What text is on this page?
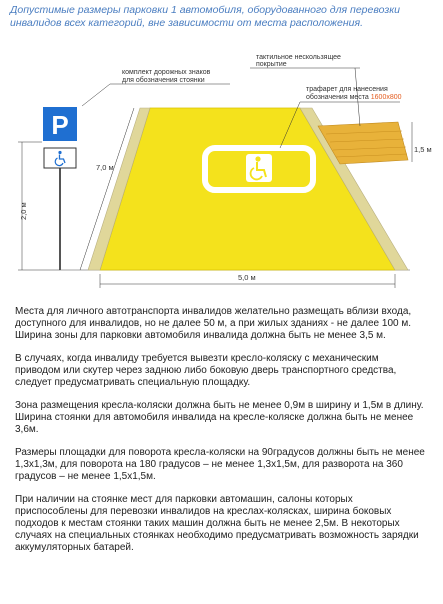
Допустимые размеры парковки 1 автомобиля, оборудованного для перевозки инвалидов всех категорий, вне зависимости от места расположения.
P
комплект дорожных знаков
для обозначения стоянки
тактильное нескользящее
покрытие
трафарет для нанесения
обозначения места 1600x800
7,0 м
2,0 м
5,0 м
1,5 м

Места для личного автотранспорта инвалидов желательно размещать вблизи входа, доступного для инвалидов, но не далее 50 м, а при жилых зданиях - не далее 100 м. Ширина зоны для парковки автомобиля инвалида должна быть не менее 3,5 м.

В случаях, когда инвалиду требуется вывезти кресло-коляску с механическим приводом или скутер через заднюю либо боковую дверь транспортного средства, следует предусматривать специальную площадку.

Зона размещения кресла-коляски должна быть не менее 0,9м в ширину и 1,5м в длину. Ширина стоянки для автомобиля инвалида на кресле-коляске должна быть не менее 3,6м.

Размеры площадки для поворота кресла-коляски на 90градусов должны быть не менее 1,3х1,3м, для поворота на 180 градусов – не менее 1,3х1,5м, для разворота на 360 градусов – не менее 1,5х1,5м.

При наличии на стоянке мест для парковки автомашин, салоны которых приспособлены для перевозки инвалидов на креслах-колясках, ширина боковых подходов к местам стоянки таких машин должна быть не менее 2,5м. В некоторых случаях на специальных стоянках необходимо предусматривать возможность зарядки аккумуляторных батарей.
